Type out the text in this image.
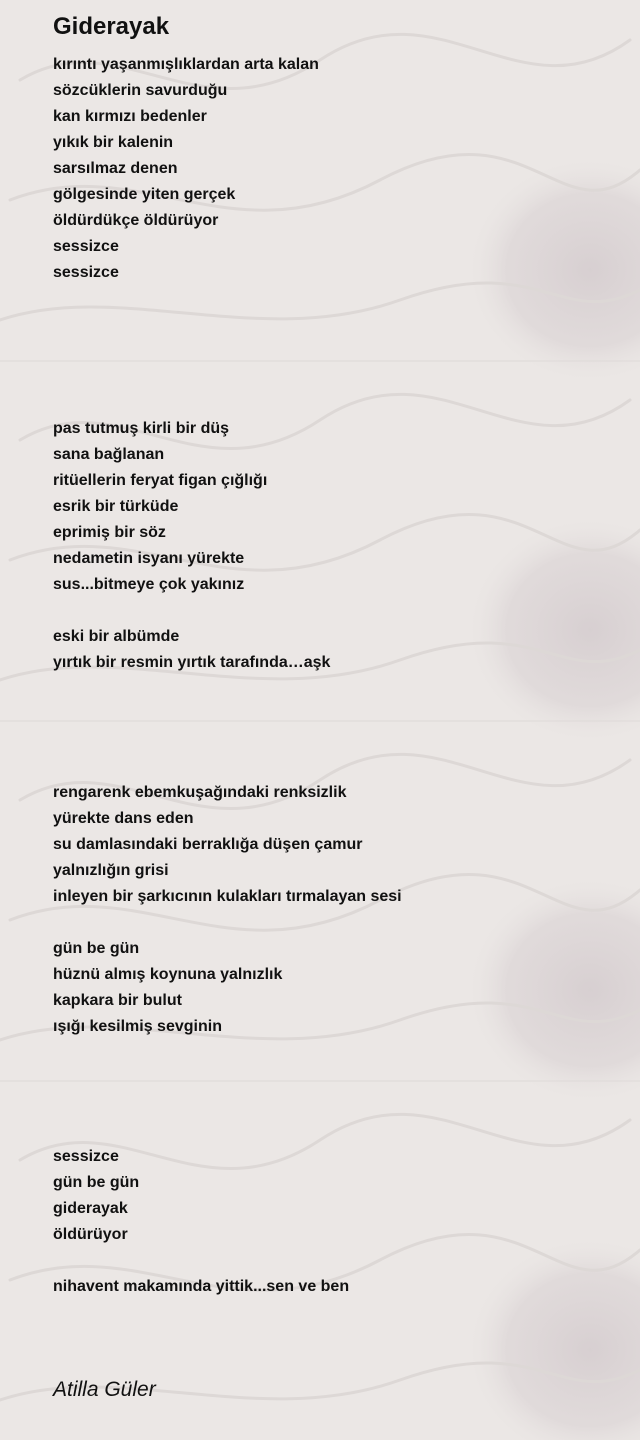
Giderayak
kırıntı yaşanmışlıklardan arta kalan
sözcüklerin savurduğu
kan kırmızı bedenler
yıkık bir kalenin
sarsılmaz denen
gölgesinde yiten gerçek
öldürdükçe öldürüyor
sessizce
sessizce
pas tutmuş kirli bir düş
sana bağlanan
ritüellerin feryat figan çığlığı
esrik bir türküde
eprimiş bir söz
nedametin isyanı yürekte
sus...bitmeye çok yakınız
eski bir albümde
yırtık bir resmin yırtık tarafında…aşk
rengarenk ebemkuşağındaki renksizlik
yürekte dans eden
su damlasındaki berraklığa düşen çamur
yalnızlığın grisi
inleyen bir şarkıcının kulakları tırmalayan sesi
gün be gün
hüznü almış koynuna yalnızlık
kapkara bir bulut
ışığı kesilmiş sevginin
sessizce
gün be gün
giderayak
öldürüyor
nihavent makamında yittik...sen ve ben
Atilla Güler
